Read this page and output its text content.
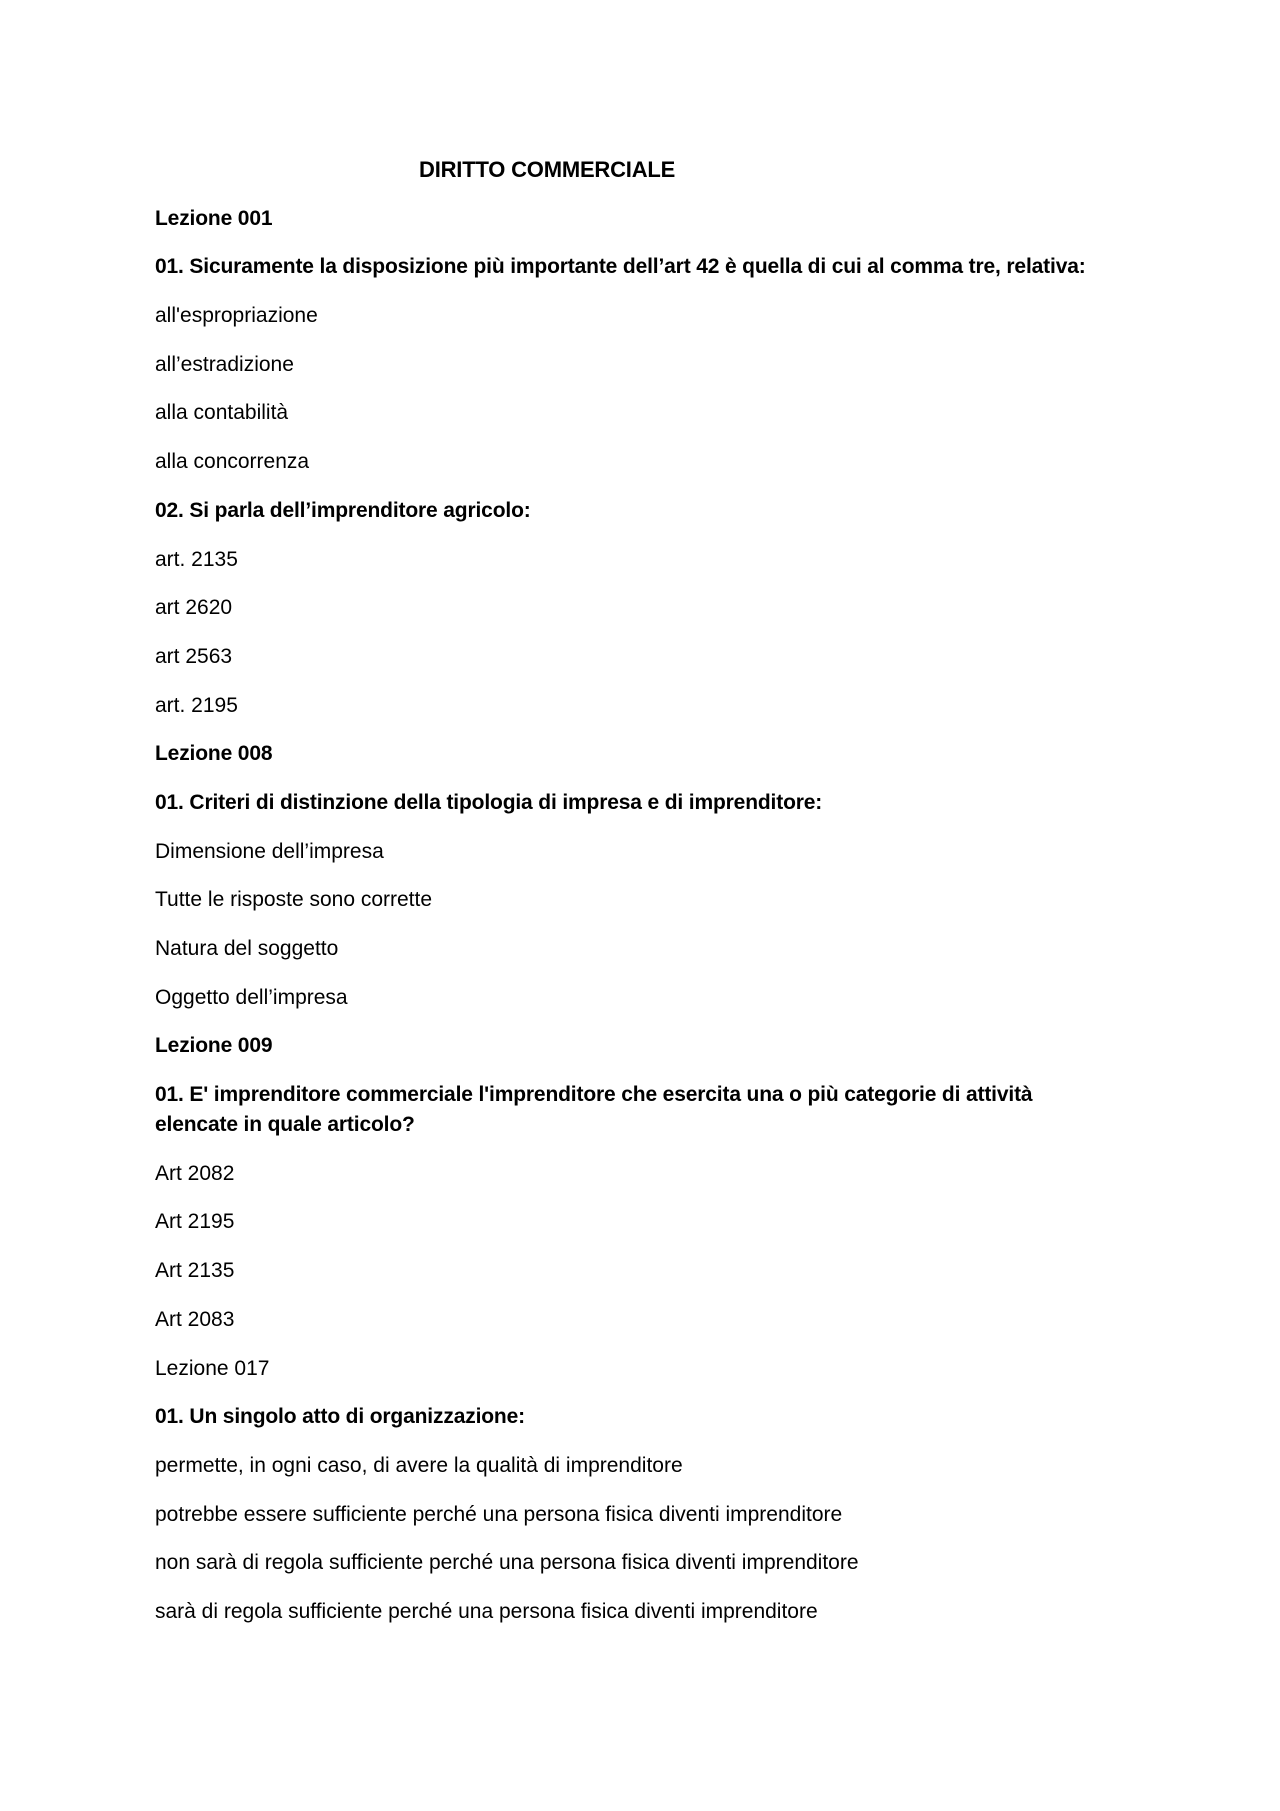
DIRITTO COMMERCIALE
Lezione 001
01. Sicuramente la disposizione più importante dell’art 42 è quella di cui al comma tre, relativa:
all'espropriazione
all’estradizione
alla contabilità
alla concorrenza
02. Si parla dell’imprenditore agricolo:
art. 2135
art 2620
art 2563
art. 2195
Lezione 008
01. Criteri di distinzione della tipologia di impresa e di imprenditore:
Dimensione dell’impresa
Tutte le risposte sono corrette
Natura del soggetto
Oggetto dell’impresa
Lezione 009
01. E' imprenditore commerciale l'imprenditore che esercita una o più categorie di attività
elencate in quale articolo?
Art 2082
Art 2195
Art 2135
Art 2083
Lezione 017
01. Un singolo atto di organizzazione:
permette, in ogni caso, di avere la qualità di imprenditore
potrebbe essere sufficiente perché una persona fisica diventi imprenditore
non sarà di regola sufficiente perché una persona fisica diventi imprenditore
sarà di regola sufficiente perché una persona fisica diventi imprenditore
